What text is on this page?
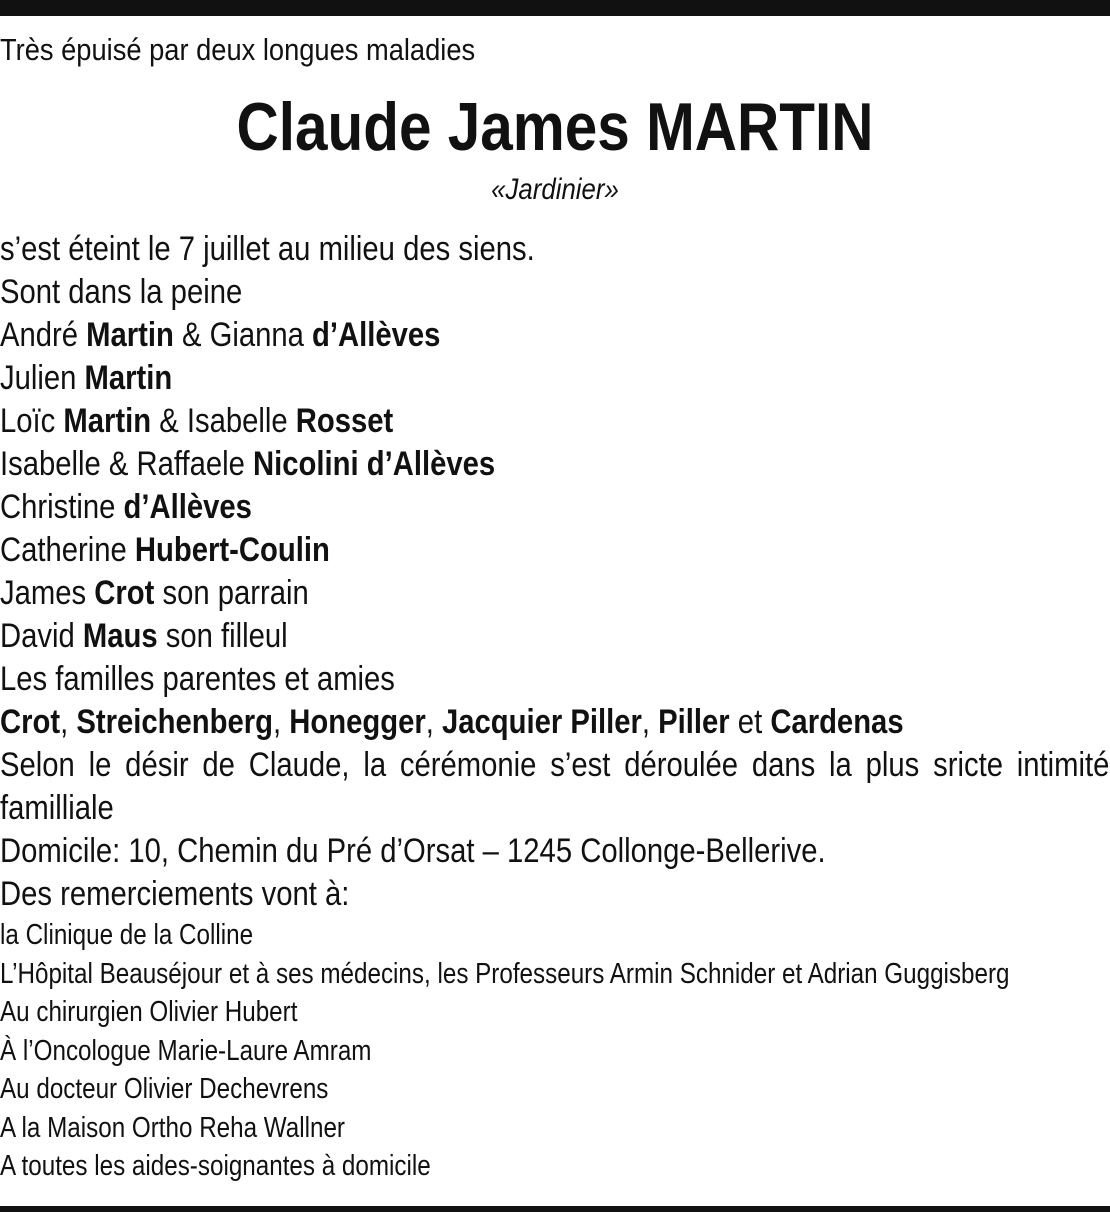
Très épuisé par deux longues maladies
Claude James MARTIN
«Jardinier»
s’est éteint le 7 juillet au milieu des siens.
Sont dans la peine
André Martin & Gianna d’Allèves
Julien Martin
Loïc Martin & Isabelle Rosset
Isabelle & Raffaele Nicolini d’Allèves
Christine d’Allèves
Catherine Hubert-Coulin
James Crot son parrain
David Maus son filleul
Les familles parentes et amies
Crot, Streichenberg, Honegger, Jacquier Piller, Piller et Cardenas
Selon le désir de Claude, la cérémonie s’est déroulée dans la plus sricte intimité familliale
Domicile: 10, Chemin du Pré d’Orsat – 1245 Collonge-Bellerive.
Des remerciements vont à:
la Clinique de la Colline
L’Hôpital Beauséjour et à ses médecins, les Professeurs Armin Schnider et Adrian Guggisberg
Au chirurgien Olivier Hubert
À l’Oncologue Marie-Laure Amram
Au docteur Olivier Dechevrens
A la Maison Ortho Reha Wallner
A toutes les aides-soignantes à domicile
